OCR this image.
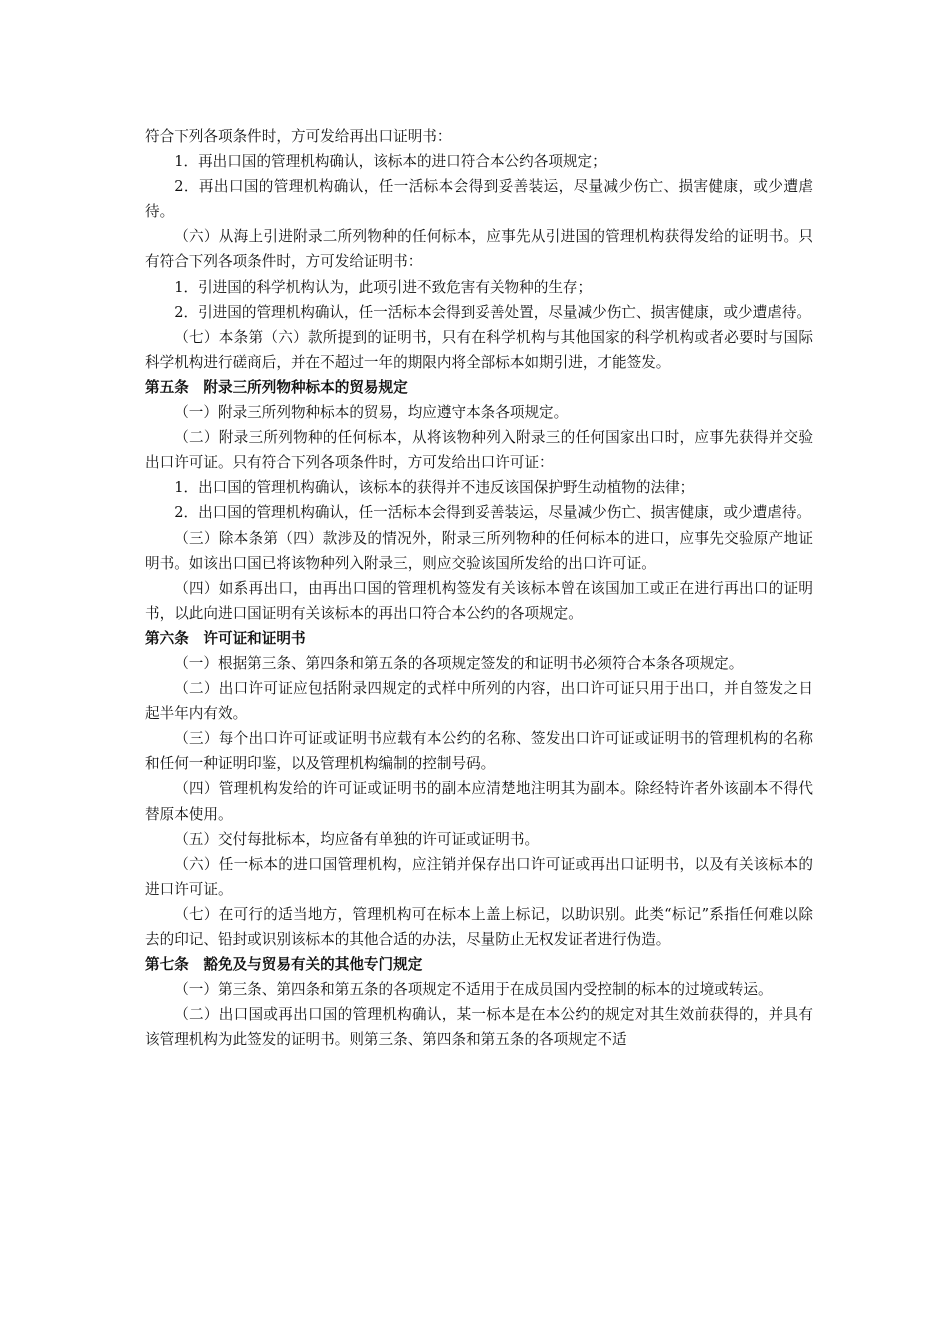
符合下列各项条件时，方可发给再出口证明书：

1．再出口国的管理机构确认，该标本的进口符合本公约各项规定；

2．再出口国的管理机构确认，任一活标本会得到妥善装运，尽量减少伤亡、损害健康，或少遭虐待。

（六）从海上引进附录二所列物种的任何标本，应事先从引进国的管理机构获得发给的证明书。只有符合下列各项条件时，方可发给证明书：

1．引进国的科学机构认为，此项引进不致危害有关物种的生存；

2．引进国的管理机构确认，任一活标本会得到妥善处置，尽量减少伤亡、损害健康，或少遭虐待。

（七）本条第（六）款所提到的证明书，只有在科学机构与其他国家的科学机构或者必要时与国际科学机构进行磋商后，并在不超过一年的期限内将全部标本如期引进，才能签发。

第五条　附录三所列物种标本的贸易规定

（一）附录三所列物种标本的贸易，均应遵守本条各项规定。

（二）附录三所列物种的任何标本，从将该物种列入附录三的任何国家出口时，应事先获得并交验出口许可证。只有符合下列各项条件时，方可发给出口许可证：

1．出口国的管理机构确认，该标本的获得并不违反该国保护野生动植物的法律；

2．出口国的管理机构确认，任一活标本会得到妥善装运，尽量减少伤亡、损害健康，或少遭虐待。

（三）除本条第（四）款涉及的情况外，附录三所列物种的任何标本的进口，应事先交验原产地证明书。如该出口国已将该物种列入附录三，则应交验该国所发给的出口许可证。

（四）如系再出口，由再出口国的管理机构签发有关该标本曾在该国加工或正在进行再出口的证明书，以此向进口国证明有关该标本的再出口符合本公约的各项规定。

第六条　许可证和证明书

（一）根据第三条、第四条和第五条的各项规定签发的和证明书必须符合本条各项规定。

（二）出口许可证应包括附录四规定的式样中所列的内容，出口许可证只用于出口，并自签发之日起半年内有效。

（三）每个出口许可证或证明书应载有本公约的名称、签发出口许可证或证明书的管理机构的名称和任何一种证明印鉴，以及管理机构编制的控制号码。

（四）管理机构发给的许可证或证明书的副本应清楚地注明其为副本。除经特许者外该副本不得代替原本使用。

（五）交付每批标本，均应备有单独的许可证或证明书。

（六）任一标本的进口国管理机构，应注销并保存出口许可证或再出口证明书，以及有关该标本的进口许可证。

（七）在可行的适当地方，管理机构可在标本上盖上标记，以助识别。此类“标记”系指任何难以除去的印记、铅封或识别该标本的其他合适的办法，尽量防止无权发证者进行伪造。

第七条　豁免及与贸易有关的其他专门规定

（一）第三条、第四条和第五条的各项规定不适用于在成员国内受控制的标本的过境或转运。

（二）出口国或再出口国的管理机构确认，某一标本是在本公约的规定对其生效前获得的，并具有该管理机构为此签发的证明书。则第三条、第四条和第五条的各项规定不适
